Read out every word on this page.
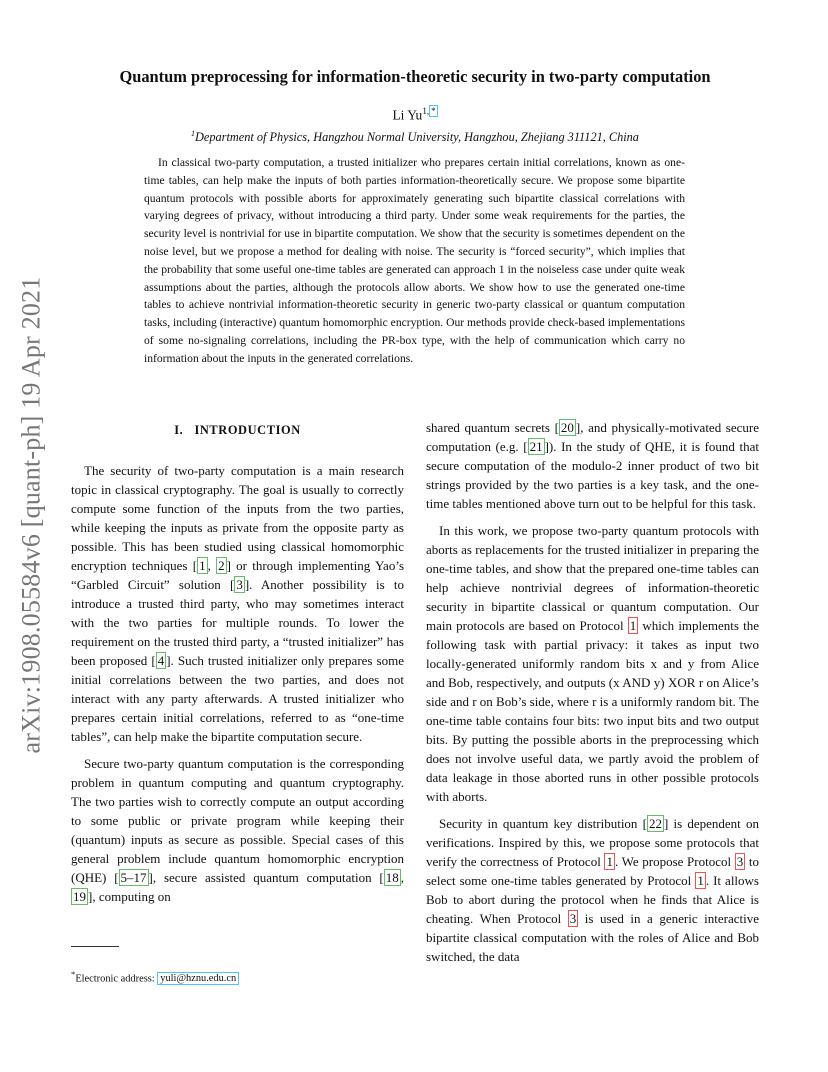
arXiv:1908.05584v6 [quant-ph] 19 Apr 2021
Quantum preprocessing for information-theoretic security in two-party computation
Li $Yu^{1,}$ *
$^1$Department of Physics, Hangzhou Normal University, Hangzhou, Zhejiang 311121, China

In classical two-party computation, a trusted initializer who prepares certain initial correlations, known as one-time tables, can help make the inputs of both parties information-theoretically secure. We propose some bipartite quantum protocols with possible aborts for approximately generating such bipartite classical correlations with varying degrees of privacy, without introducing a third party. Under some weak requirements for the parties, the security level is nontrivial for use in bipartite computation. We show that the security is sometimes dependent on the noise level, but we propose a method for dealing with noise. The security is “forced security”, which implies that the probability that some useful one-time tables are generated can approach 1 in the noiseless case under quite weak assumptions about the parties, although the protocols allow aborts. We show how to use the generated one-time tables to achieve nontrivial information-theoretic security in generic two-party classical or quantum computation tasks, including (interactive) quantum homomorphic encryption. Our methods provide check-based implementations of some no-signaling correlations, including the PR-box type, with the help of communication which carry no information about the inputs in the generated correlations.

I. INTRODUCTION

The security of two-party computation is a main research topic in classical cryptography. The goal is usually to correctly compute some function of the inputs from the two parties, while keeping the inputs as private from the opposite party as possible. This has been studied using classical homomorphic encryption techniques [ 1 , 2 ] or through implementing Yao’s “Garbled Circuit” solution [ 3 ]. Another possibility is to introduce a trusted third party, who may sometimes interact with the two parties for multiple rounds. To lower the requirement on the trusted third party, a “trusted initializer” has been proposed [ 4 ]. Such trusted initializer only prepares some initial correlations between the two parties, and does not interact with any party afterwards. A trusted initializer who prepares certain initial correlations, referred to as “one-time tables”, can help make the bipartite computation secure.

Secure two-party quantum computation is the corresponding problem in quantum computing and quantum cryptography. The two parties wish to correctly compute an output according to some public or private program while keeping their (quantum) inputs as secure as possible. Special cases of this general problem include quantum homomorphic encryption (QHE) [ 5–17 ], secure assisted quantum computation [ 18 , 19 ], computing on

shared quantum secrets [ 20 ], and physically-motivated secure computation (e.g. [ 21 ]). In the study of QHE, it is found that secure computation of the modulo-2 inner product of two bit strings provided by the two parties is a key task, and the one-time tables mentioned above turn out to be helpful for this task.

In this work, we propose two-party quantum protocols with aborts as replacements for the trusted initializer in preparing the one-time tables, and show that the prepared one-time tables can help achieve nontrivial degrees of information-theoretic security in bipartite classical or quantum computation. Our main protocols are based on Protocol 1 which implements the following task with partial privacy: it takes as input two locally-generated uniformly random bits x and y from Alice and Bob, respectively, and outputs (x AND y) XOR r on Alice’s side and r on Bob’s side, where r is a uniformly random bit. The one-time table contains four bits: two input bits and two output bits. By putting the possible aborts in the preprocessing which does not involve useful data, we partly avoid the problem of data leakage in those aborted runs in other possible protocols with aborts.

Security in quantum key distribution [ 22 ] is dependent on verifications. Inspired by this, we propose some protocols that verify the correctness of Protocol 1 . We propose Protocol 3 to select some one-time tables generated by Protocol 1 . It allows Bob to abort during the protocol when he finds that Alice is cheating. When Protocol 3 is used in a generic interactive bipartite classical computation with the roles of Alice and Bob switched, the data

*Electronic address: yuli@hznu.edu.cn
